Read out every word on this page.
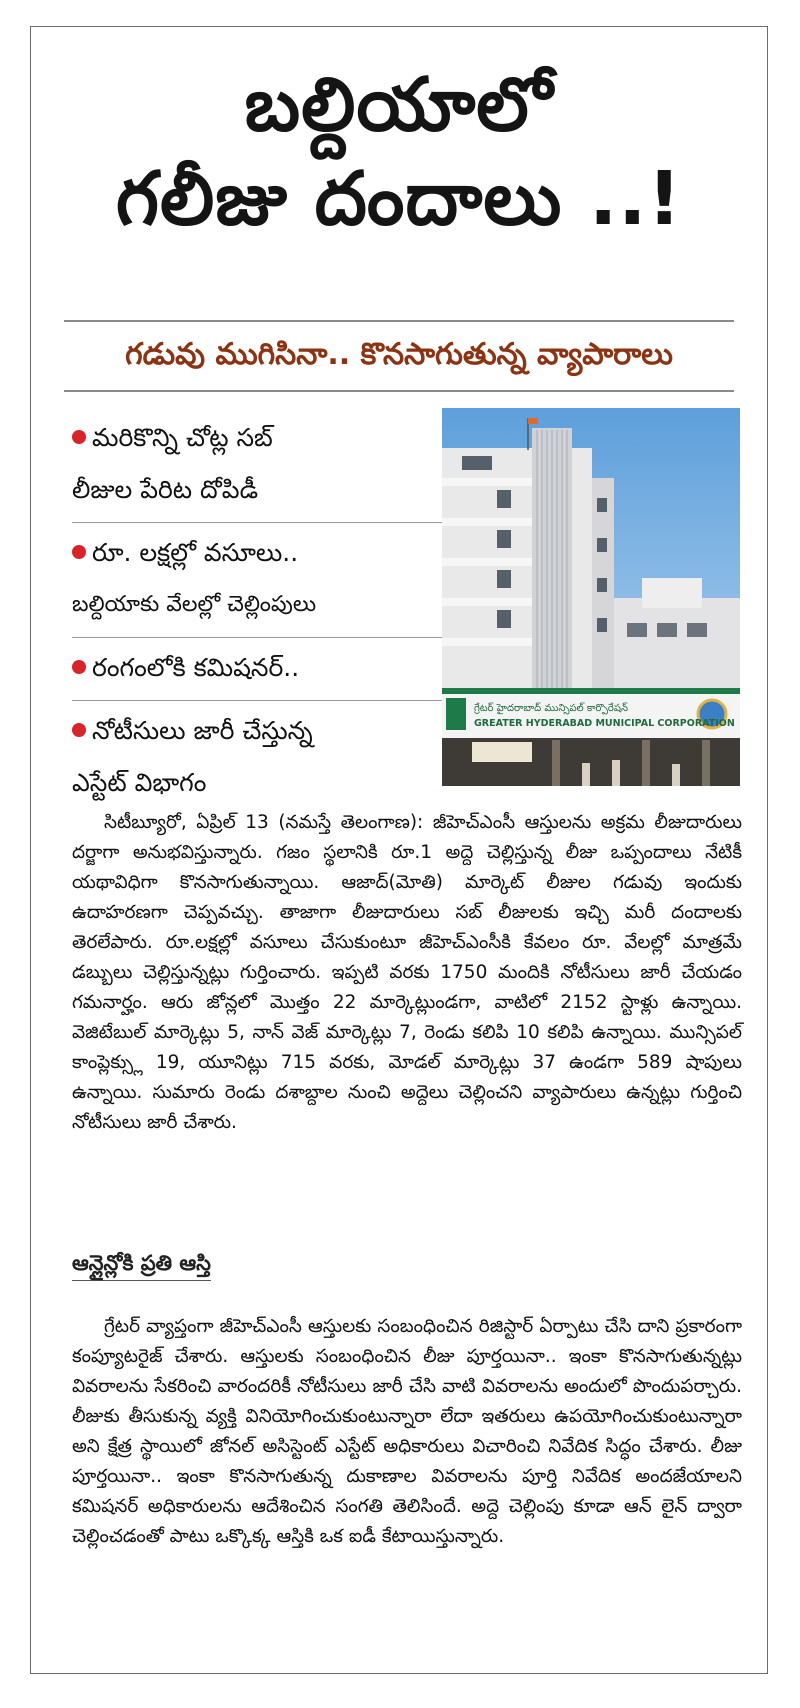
బల్దియాలో
గలీజు దందాలు ..!
గడువు ముగిసినా.. కొనసాగుతున్న వ్యాపారాలు
మరికొన్ని చోట్ల సబ్
లీజుల పేరిట దోపిడీ
రూ. లక్షల్లో వసూలు..
బల్దియాకు వేలల్లో చెల్లింపులు
రంగంలోకి కమిషనర్..
నోటీసులు జారీ చేస్తున్న
ఎస్టేట్ విభాగం
గ్రేటర్ హైదరాబాద్ మున్సిపల్ కార్పొరేషన్
GREATER HYDERABAD MUNICIPAL CORPORATION

సిటీబ్యూరో, ఏప్రిల్ 13 (నమస్తే తెలంగాణ): జీహెచ్ఎంసీ ఆస్తులను అక్రమ లీజుదారులు దర్జాగా అనుభవిస్తున్నారు. గజం స్థలానికి రూ.1 అద్దె చెల్లిస్తున్న లీజు ఒప్పందాలు నేటికీ యథావిధిగా కొనసాగుతున్నాయి. ఆజాద్(మోతి) మార్కెట్ లీజుల గడువు ఇందుకు ఉదాహరణగా చెప్పవచ్చు. తాజాగా లీజుదారులు సబ్ లీజులకు ఇచ్చి మరీ దందాలకు తెరలేపారు. రూ.లక్షల్లో వసూలు చేసుకుంటూ జీహెచ్ఎంసీకి కేవలం రూ. వేలల్లో మాత్రమే డబ్బులు చెల్లిస్తున్నట్లు గుర్తించారు. ఇప్పటి వరకు 1750 మందికి నోటీసులు జారీ చేయడం గమనార్హం. ఆరు జోన్లలో మొత్తం 22 మార్కెట్లుండగా, వాటిలో 2152 స్టాళ్లు ఉన్నాయి. వెజిటేబుల్ మార్కెట్లు 5, నాన్ వెజ్ మార్కెట్లు 7, రెండు కలిపి 10 కలిపి ఉన్నాయి. మున్సిపల్ కాంప్లెక్స్లు 19, యూనిట్లు 715 వరకు, మోడల్ మార్కెట్లు 37 ఉండగా 589 షాపులు ఉన్నాయి. సుమారు రెండు దశాబ్దాల నుంచి అద్దెలు చెల్లించని వ్యాపారులు ఉన్నట్లు గుర్తించి నోటీసులు జారీ చేశారు.

ఆన్లైన్లోకి ప్రతి ఆస్తి

గ్రేటర్ వ్యాప్తంగా జీహెచ్ఎంసీ ఆస్తులకు సంబంధించిన రిజిస్టార్ ఏర్పాటు చేసి దాని ప్రకారంగా కంప్యూటరైజ్ చేశారు. ఆస్తులకు సంబంధించిన లీజు పూర్తయినా.. ఇంకా కొనసాగుతున్నట్లు వివరాలను సేకరించి వారందరికీ నోటీసులు జారీ చేసి వాటి వివరాలను అందులో పొందుపర్చారు. లీజుకు తీసుకున్న వ్యక్తి వినియోగించుకుంటున్నారా లేదా ఇతరులు ఉపయోగించుకుంటున్నారా అని క్షేత్ర స్థాయిలో జోనల్ అసిస్టెంట్ ఎస్టేట్ అధికారులు విచారించి నివేదిక సిద్ధం చేశారు. లీజు పూర్తయినా.. ఇంకా కొనసాగుతున్న దుకాణాల వివరాలను పూర్తి నివేదిక అందజేయాలని కమిషనర్ అధికారులను ఆదేశించిన సంగతి తెలిసిందే. అద్దె చెల్లింపు కూడా ఆన్ లైన్ ద్వారా చెల్లించడంతో పాటు ఒక్కొక్క ఆస్తికి ఒక ఐడీ కేటాయిస్తున్నారు.
